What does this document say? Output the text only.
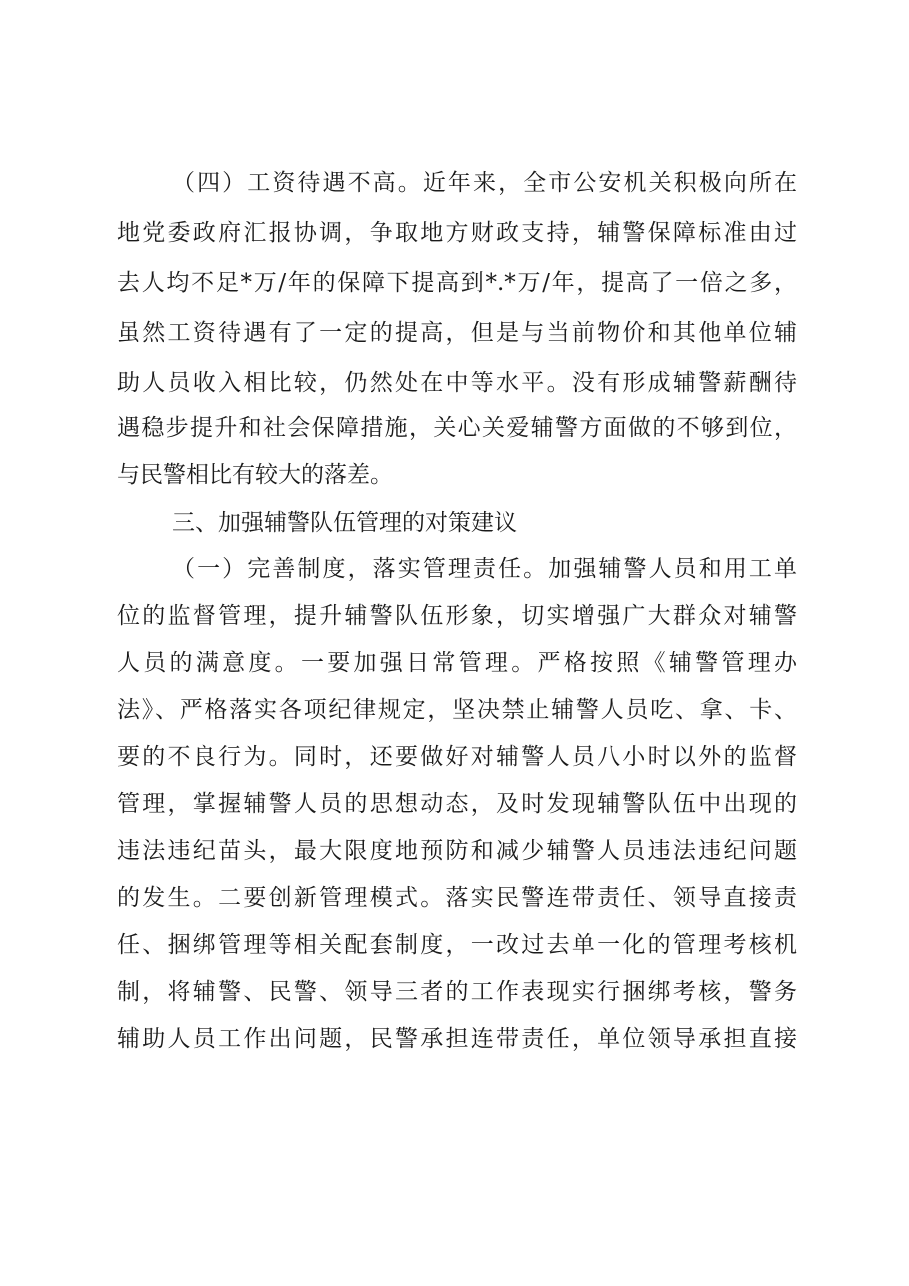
（四）工资待遇不高。近年来，全市公安机关积极向所在
地党委政府汇报协调，争取地方财政支持，辅警保障标准由过
去人均不足*万/年的保障下提高到*.*万/年，提高了一倍之多，
虽然工资待遇有了一定的提高，但是与当前物价和其他单位辅
助人员收入相比较，仍然处在中等水平。没有形成辅警薪酬待
遇稳步提升和社会保障措施，关心关爱辅警方面做的不够到位，
与民警相比有较大的落差。
三、加强辅警队伍管理的对策建议
（一）完善制度，落实管理责任。加强辅警人员和用工单
位的监督管理，提升辅警队伍形象，切实增强广大群众对辅警
人员的满意度。一要加强日常管理。严格按照《辅警管理办
法》、严格落实各项纪律规定，坚决禁止辅警人员吃、拿、卡、
要的不良行为。同时，还要做好对辅警人员八小时以外的监督
管理，掌握辅警人员的思想动态，及时发现辅警队伍中出现的
违法违纪苗头，最大限度地预防和减少辅警人员违法违纪问题
的发生。二要创新管理模式。落实民警连带责任、领导直接责
任、捆绑管理等相关配套制度，一改过去单一化的管理考核机
制，将辅警、民警、领导三者的工作表现实行捆绑考核，警务
辅助人员工作出问题，民警承担连带责任，单位领导承担直接
